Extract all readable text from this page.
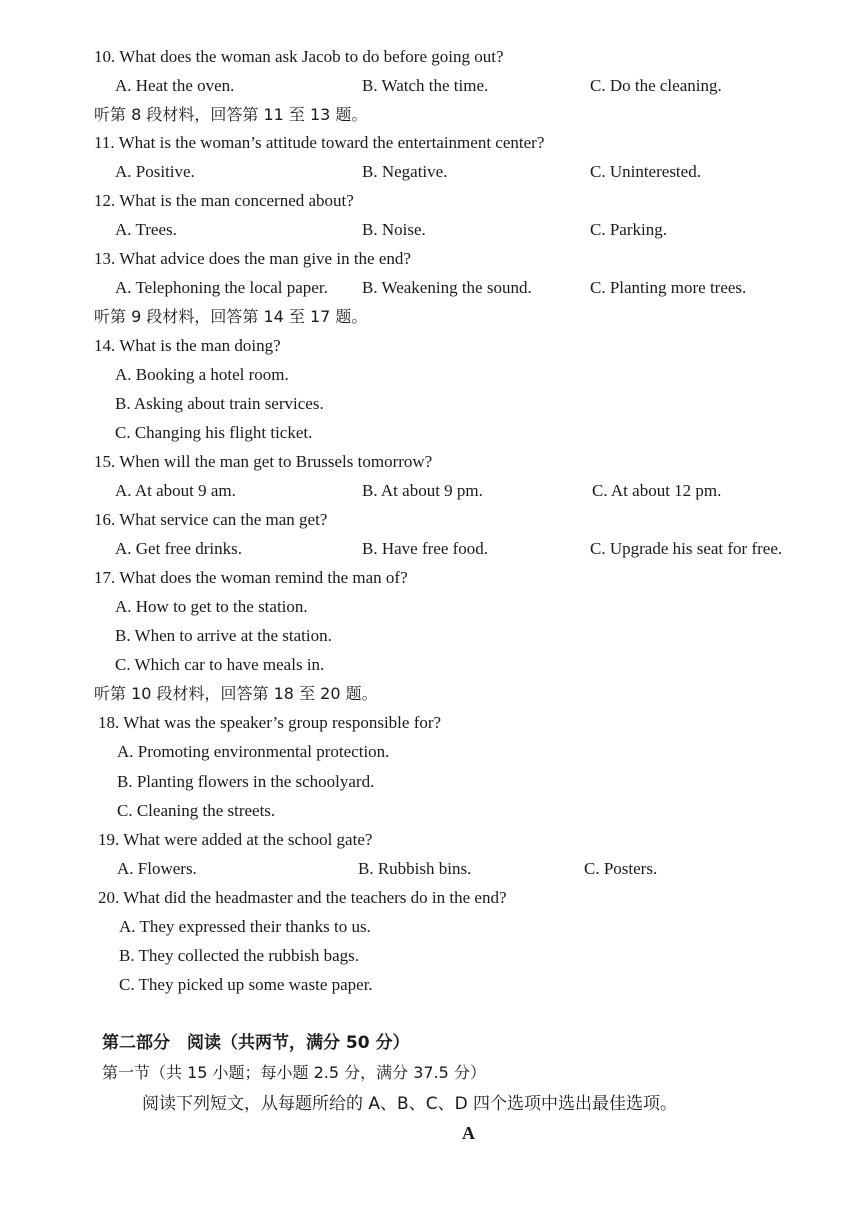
10. What does the woman ask Jacob to do before going out?
A. Heat the oven.	B. Watch the time.	C. Do the cleaning.
听第 8 段材料，回答第 11 至 13 题。
11. What is the woman’s attitude toward the entertainment center?
A. Positive.	B. Negative.	C. Uninterested.
12. What is the man concerned about?
A. Trees.	B. Noise.	C. Parking.
13. What advice does the man give in the end?
A. Telephoning the local paper. B. Weakening the sound.	C. Planting more trees.
听第 9 段材料，回答第 14 至 17 题。
14. What is the man doing?
A. Booking a hotel room.
B. Asking about train services.
C. Changing his flight ticket.
15. When will the man get to Brussels tomorrow?
A. At about 9 am.	B. At about 9 pm.	C. At about 12 pm.
16. What service can the man get?
A. Get free drinks.	B. Have free food.	C. Upgrade his seat for free.
17. What does the woman remind the man of?
A. How to get to the station.
B. When to arrive at the station.
C. Which car to have meals in.
听第 10 段材料，回答第 18 至 20 题。
18. What was the speaker’s group responsible for?
A. Promoting environmental protection.
B. Planting flowers in the schoolyard.
C. Cleaning the streets.
19. What were added at the school gate?
A. Flowers.	B. Rubbish bins.	C. Posters.
20. What did the headmaster and the teachers do in the end?
A. They expressed their thanks to us.
B. They collected the rubbish bags.
C. They picked up some waste paper.
第二部分　阅读（共两节，满分 50 分）
第一节（共 15 小题；每小题 2.5 分，满分 37.5 分）
阅读下列短文，从每题所给的 A、B、C、D 四个选项中选出最佳选项。
A
